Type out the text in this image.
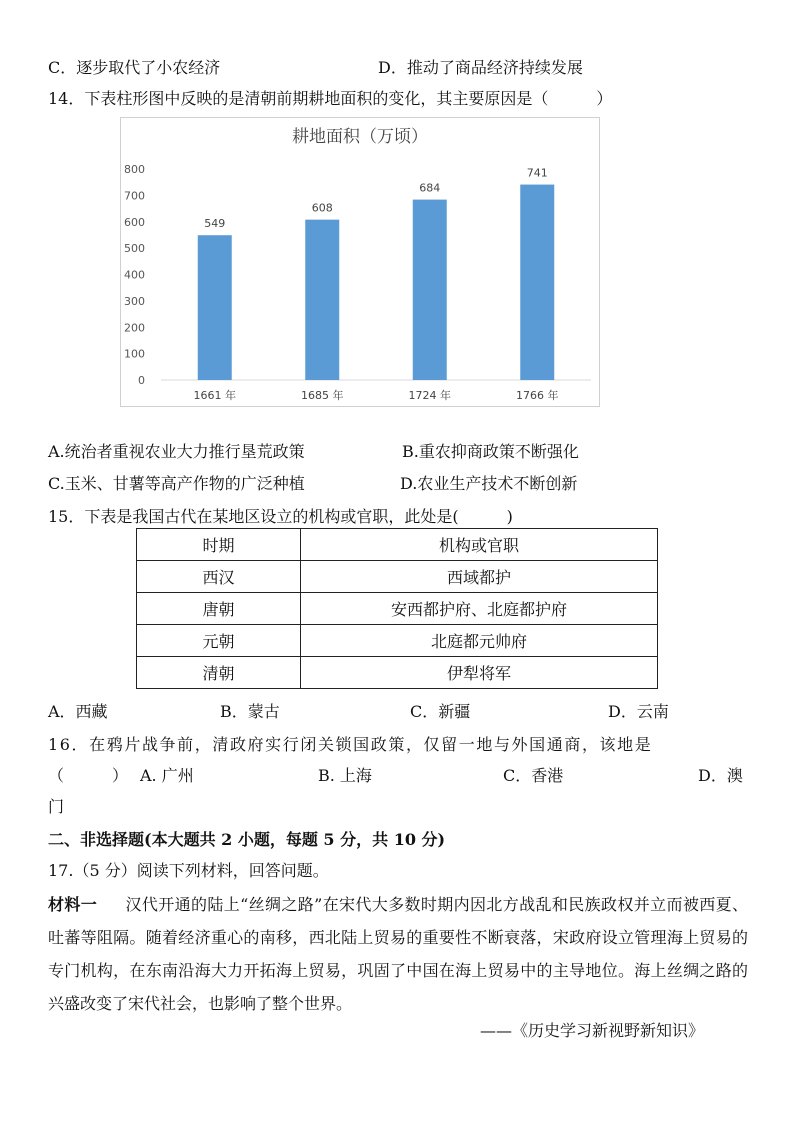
C．逐步取代了小农经济	D．推动了商品经济持续发展
14．下表柱形图中反映的是清朝前期耕地面积的变化，其主要原因是（　　　）
耕地面积（万顷）
0
100
200
300
400
500
600
700
800
549
1661 年
608
1685 年
684
1724 年
741
1766 年
A.统治者重视农业大力推行垦荒政策	B.重农抑商政策不断强化
C.玉米、甘薯等高产作物的广泛种植	D.农业生产技术不断创新
15．下表是我国古代在某地区设立的机构或官职，此处是(　　　)
时期	机构或官职
西汉	西域都护
唐朝	安西都护府、北庭都护府
元朝	北庭都元帅府
清朝	伊犁将军
A．西藏	B．蒙古	C．新疆	D．云南
16．在鸦片战争前，清政府实行闭关锁国政策，仅留一地与外国通商，该地是
（　　　） A. 广州	B. 上海	C．香港	D．澳
门
二、非选择题(本大题共 2 小题，每题 5 分，共 10 分)
17.（5 分）阅读下列材料，回答问题。
材料一 汉代开通的陆上“丝绸之路”在宋代大多数时期内因北方战乱和民族政权并立而被西夏、吐蕃等阻隔。随着经济重心的南移，西北陆上贸易的重要性不断衰落，宋政府设立管理海上贸易的专门机构，在东南沿海大力开拓海上贸易，巩固了中国在海上贸易中的主导地位。海上丝绸之路的兴盛改变了宋代社会，也影响了整个世界。
——《历史学习新视野新知识》
